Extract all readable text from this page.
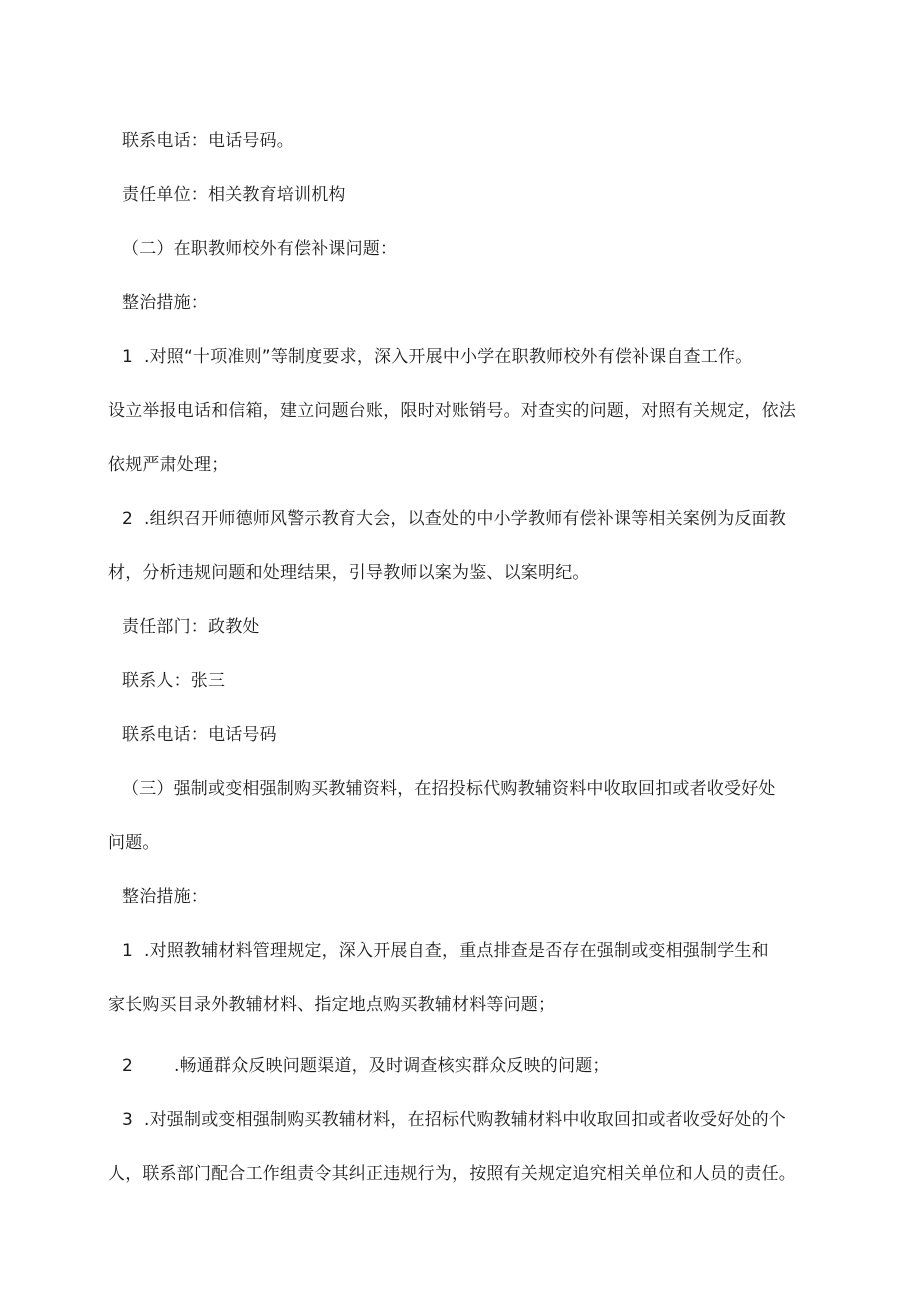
联系电话：电话号码。

责任单位：相关教育培训机构

（二）在职教师校外有偿补课问题：

整治措施：

1 .对照“十项准则”等制度要求，深入开展中小学在职教师校外有偿补课自查工作。

设立举报电话和信箱，建立问题台账，限时对账销号。对查实的问题，对照有关规定，依法

依规严肃处理；

2 .组织召开师德师风警示教育大会，以查处的中小学教师有偿补课等相关案例为反面教

材，分析违规问题和处理结果，引导教师以案为鉴、以案明纪。

责任部门：政教处

联系人：张三

联系电话：电话号码

（三）强制或变相强制购买教辅资料，在招投标代购教辅资料中收取回扣或者收受好处

问题。

整治措施：

1 .对照教辅材料管理规定，深入开展自查，重点排查是否存在强制或变相强制学生和

家长购买目录外教辅材料、指定地点购买教辅材料等问题；

2 .畅通群众反映问题渠道，及时调查核实群众反映的问题；

3 .对强制或变相强制购买教辅材料，在招标代购教辅材料中收取回扣或者收受好处的个

人，联系部门配合工作组责令其纠正违规行为，按照有关规定追究相关单位和人员的责任。
